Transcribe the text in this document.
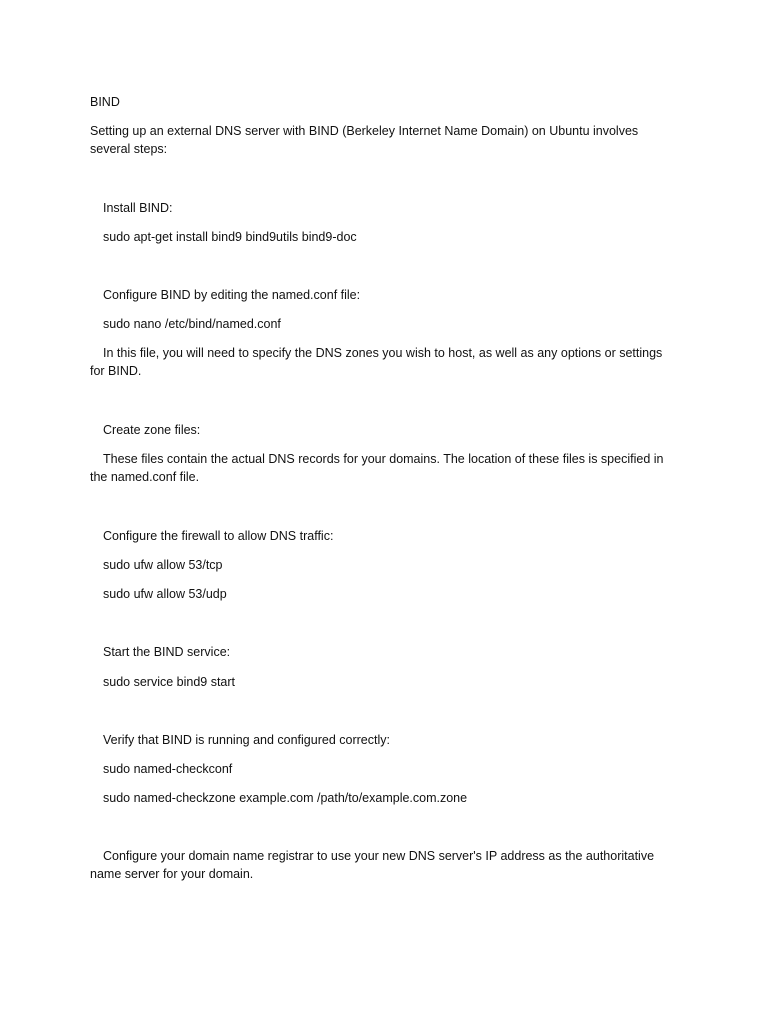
BIND
Setting up an external DNS server with BIND (Berkeley Internet Name Domain) on Ubuntu involves several steps:
Install BIND:
sudo apt-get install bind9 bind9utils bind9-doc
Configure BIND by editing the named.conf file:
sudo nano /etc/bind/named.conf
In this file, you will need to specify the DNS zones you wish to host, as well as any options or settings for BIND.
Create zone files:
These files contain the actual DNS records for your domains. The location of these files is specified in the named.conf file.
Configure the firewall to allow DNS traffic:
sudo ufw allow 53/tcp
sudo ufw allow 53/udp
Start the BIND service:
sudo service bind9 start
Verify that BIND is running and configured correctly:
sudo named-checkconf
sudo named-checkzone example.com /path/to/example.com.zone
Configure your domain name registrar to use your new DNS server's IP address as the authoritative name server for your domain.
